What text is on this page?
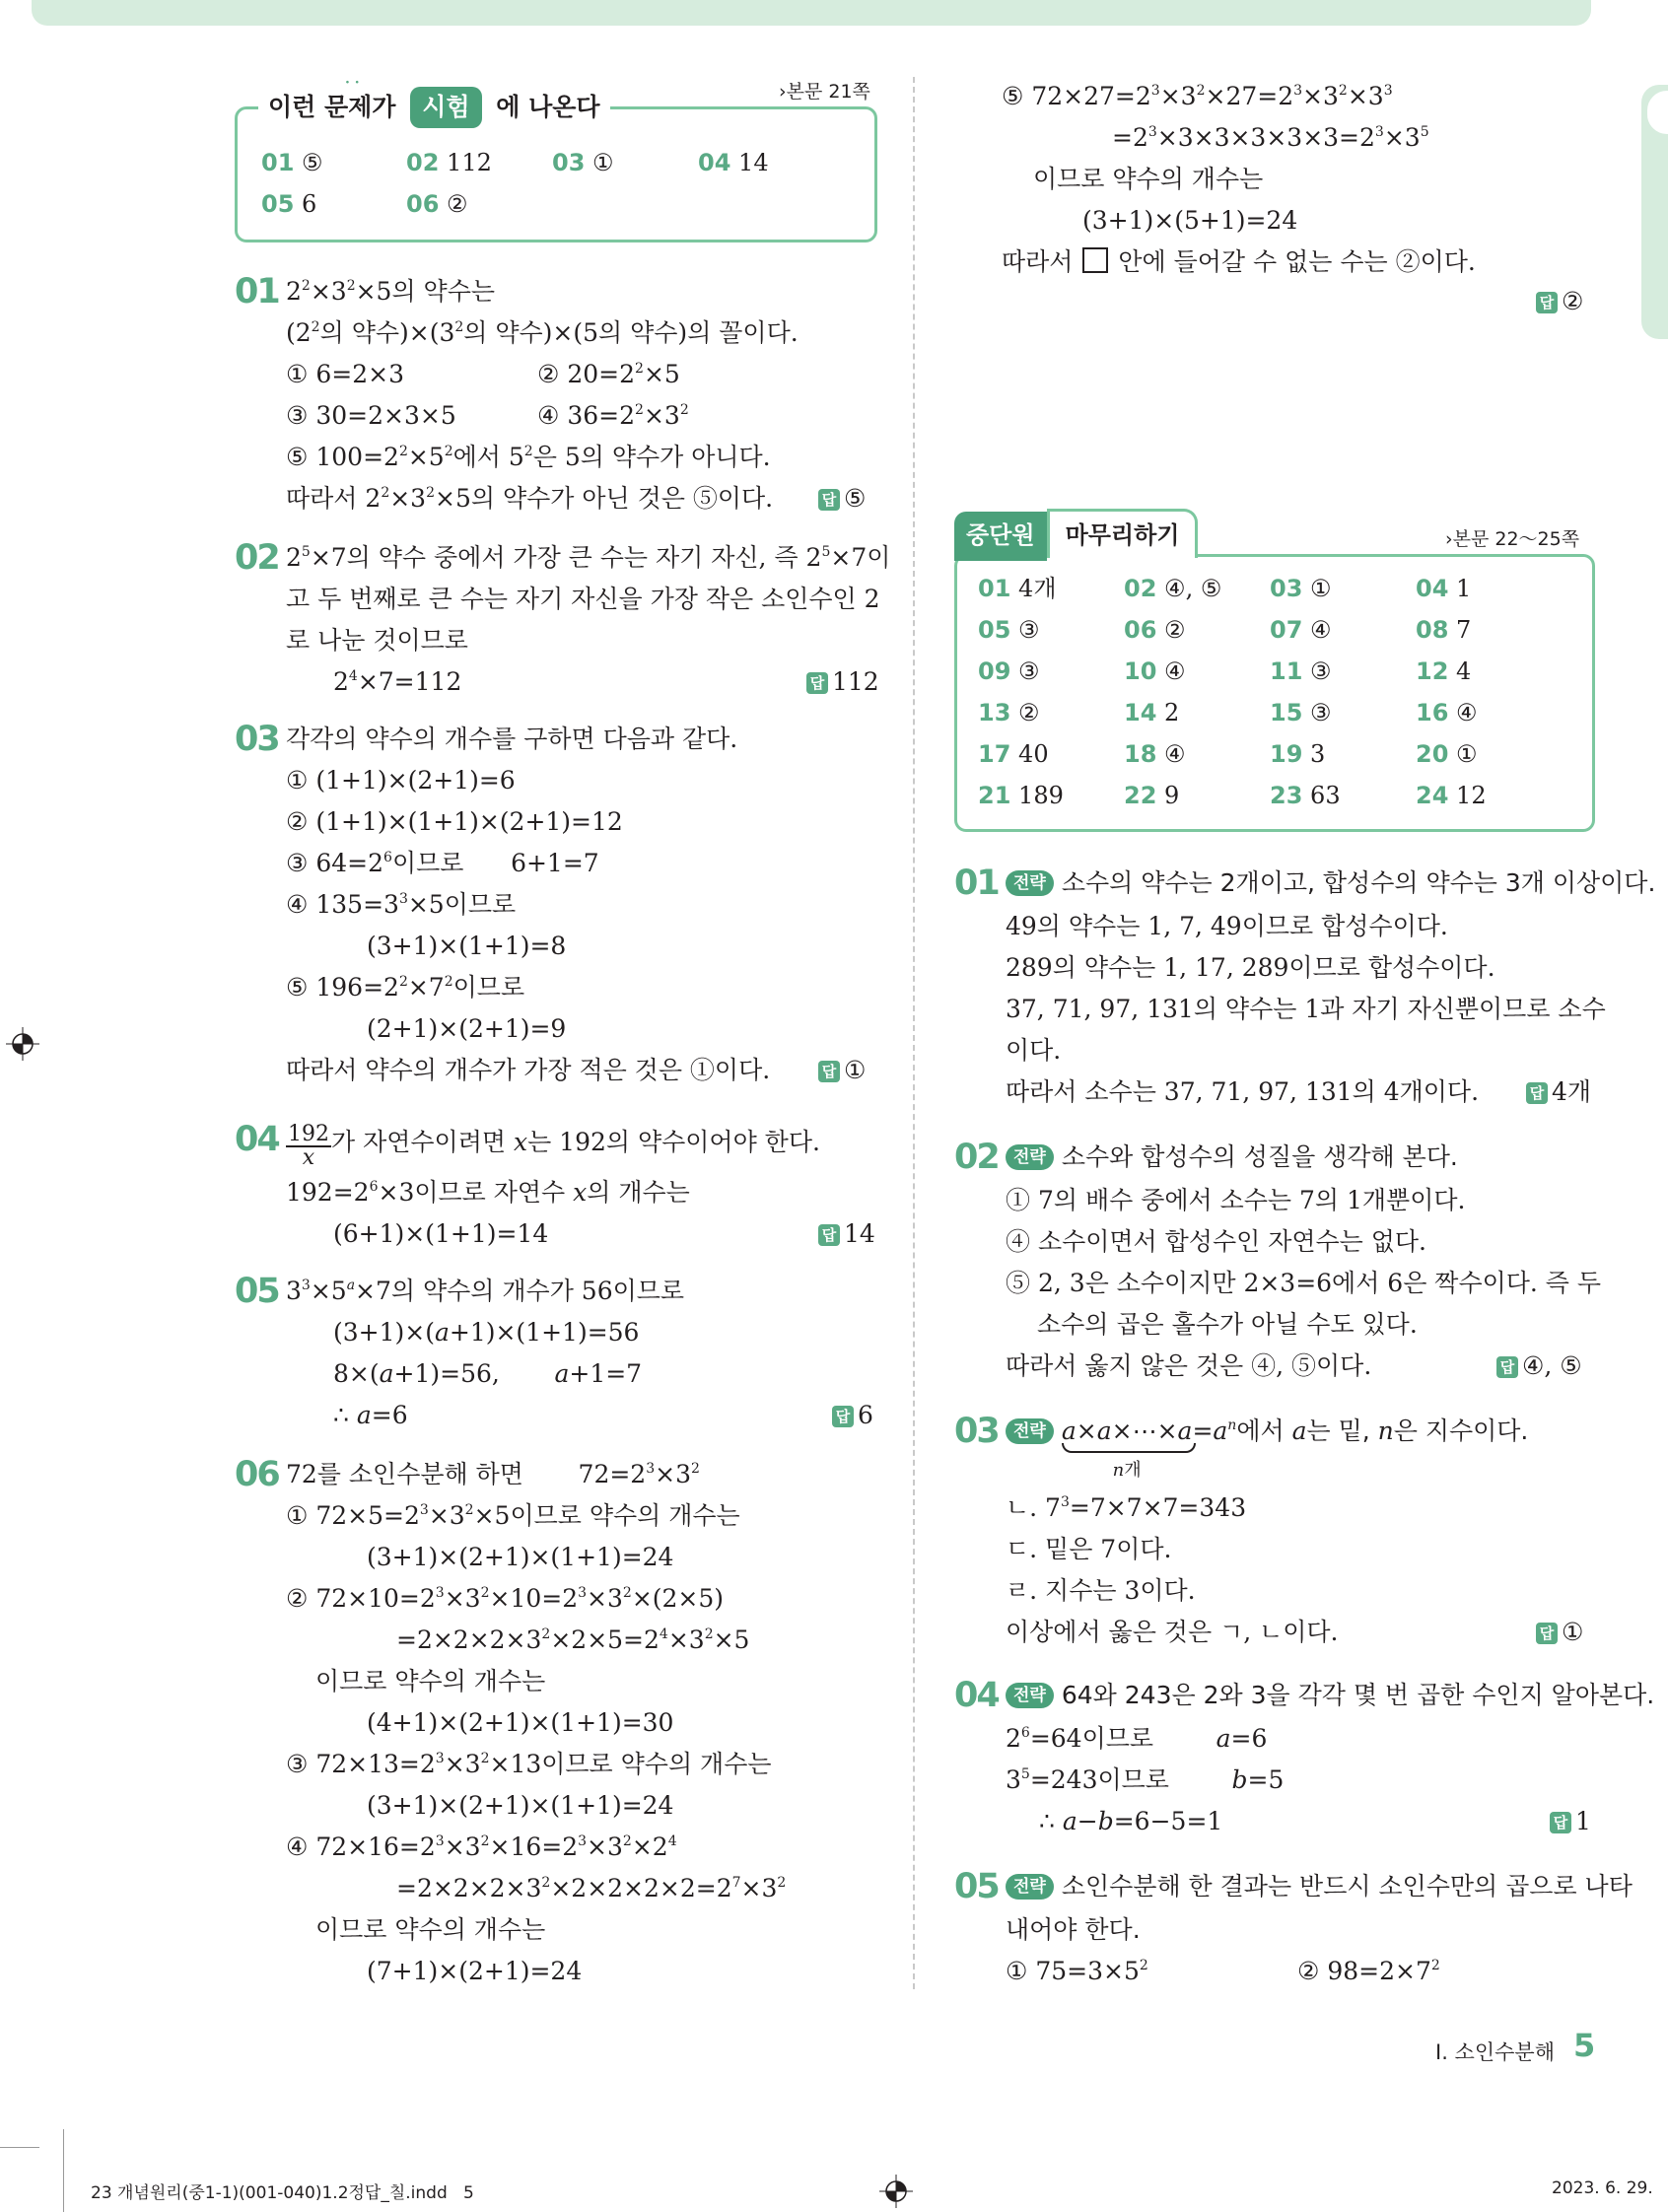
이런 문제가 시험 에 나온다
· ·	›본문 21쪽
01 ⑤	02 112	03 ①	04 14
05 6	06 ②
01 $2^2\times 3^2\times 5$의 약수는
($2^2$의 약수)$\times(3^2$의 약수)×(5의 약수)의 꼴이다.
① 6=2×3	② $20=2^2\times 5$
③ 30=2×3×5	④ $36=2^2\times 3^2$
⑤ $100=2^2\times 5^2$에서 $5^2$은 5의 약수가 아니다.
따라서 $2^2\times 3^2\times 5$의 약수가 아닌 것은 ⑤이다.	답 ⑤
02 $2^5\times 7$의 약수 중에서 가장 큰 수는 자기 자신, 즉 $2^5\times 7$이
고 두 번째로 큰 수는 자기 자신을 가장 작은 소인수인 2
로 나눈 것이므로
$2^4\times 7=112$	답 112
03 각각의 약수의 개수를 구하면 다음과 같다.
① (1+1)×(2+1)=6
② (1+1)×(1+1)×(2+1)=12
③ $64=2^6$이므로      6+1=7
④ $135=3^3\times 5$이므로
(3+1)×(1+1)=8
⑤ $196=2^2\times 7^2$이므로
(2+1)×(2+1)=9
따라서 약수의 개수가 가장 적은 것은 ①이다.	답 ①
$04 \frac{192}{x}$ 가 자연수이려면 x는 192의 약수이어야 한다.
$192=2^6\times 3$이므로 자연수 x의 개수는
(6+1)×(1+1)=14	답 14
05 $3^3\times 5^a\times 7$의 약수의 개수가 56이므로
(3+1)×(a+1)×(1+1)=56
8×(a+1)=56,       a+1=7
∴ a=6	답 6
06 72를 소인수분해 하면       $72=2^3\times 3^2$
① $72\times 5=2^3\times 3^2\times 5$이므로 약수의 개수는
(3+1)×(2+1)×(1+1)=24
② $72\times 10=2^3\times 3^2\times 10=2^3\times 3^2\times(2\times 5)$
$=2\times 2\times 2\times 3^2\times 2\times 5=2^4\times 3^2\times 5$
이므로 약수의 개수는
(4+1)×(2+1)×(1+1)=30
③ $72\times 13=2^3\times 3^2\times 13$이므로 약수의 개수는
(3+1)×(2+1)×(1+1)=24
④ $72\times 16=2^3\times 3^2\times 16=2^3\times 3^2\times 2^4$
$=2\times 2\times 2\times 3^2\times 2\times 2\times 2\times 2=2^7\times 3^2$
이므로 약수의 개수는
(7+1)×(2+1)=24
⑤ $72\times 27=2^3\times 3^2\times 27=2^3\times 3^2\times 3^3$
$=2^3\times 3\times 3\times 3\times 3\times 3=2^3\times 3^5$
이므로 약수의 개수는
(3+1)×(5+1)=24
따라서  안에 들어갈 수 없는 수는 ②이다.
답 ②
중단원 마무리하기	›본문 22～25쪽
01 4개	02 ④, ⑤ 03 ①	04 1
05 ③	06 ②	07 ④	08 7
09 ③	10 ④	11 ③	12 4
13 ②	14 2	15 ③	16 ④
17 40	18 ④	19 3	20 ①
21 189	22 9	23 63	24 12
01 전략 소수의 약수는 2개이고, 합성수의 약수는 3개 이상이다.
49의 약수는 1, 7, 49이므로 합성수이다.
289의 약수는 1, 17, 289이므로 합성수이다.
37, 71, 97, 131의 약수는 1과 자기 자신뿐이므로 소수
이다.
따라서 소수는 37, 71, 97, 131의 4개이다.	답 4개
02 전략 소수와 합성수의 성질을 생각해 본다.
① 7의 배수 중에서 소수는 7의 1개뿐이다.
④ 소수이면서 합성수인 자연수는 없다.
⑤ 2, 3은 소수이지만 2×3=6에서 6은 짝수이다. 즉 두
소수의 곱은 홀수가 아닐 수도 있다.
따라서 옳지 않은 것은 ④, ⑤이다.	답 ④, ⑤
03 전략 a×a×⋯×a
n개
$=a^n$에서 a는 밑, n은 지수이다.
ㄴ. $7^3=7\times 7\times 7=343$
ㄷ. 밑은 7이다.
ㄹ. 지수는 3이다.
이상에서 옳은 것은 ㄱ, ㄴ이다.	답 ①
04 전략 64와 243은 2와 3을 각각 몇 번 곱한 수인지 알아본다.
$2^6=64$이므로        a=6
$3^5=243$이므로        b=5
∴ a−b=6−5=1	답 1
05 전략 소인수분해 한 결과는 반드시 소인수만의 곱으로 나타
내어야 한다.
① $75=3\times 5^2$	② $98=2\times 7^2$
Ⅰ. 소인수분해 5
23 개념원리(중1-1)(001-040)1.2정답_칠.indd   5	2023. 6. 29.
